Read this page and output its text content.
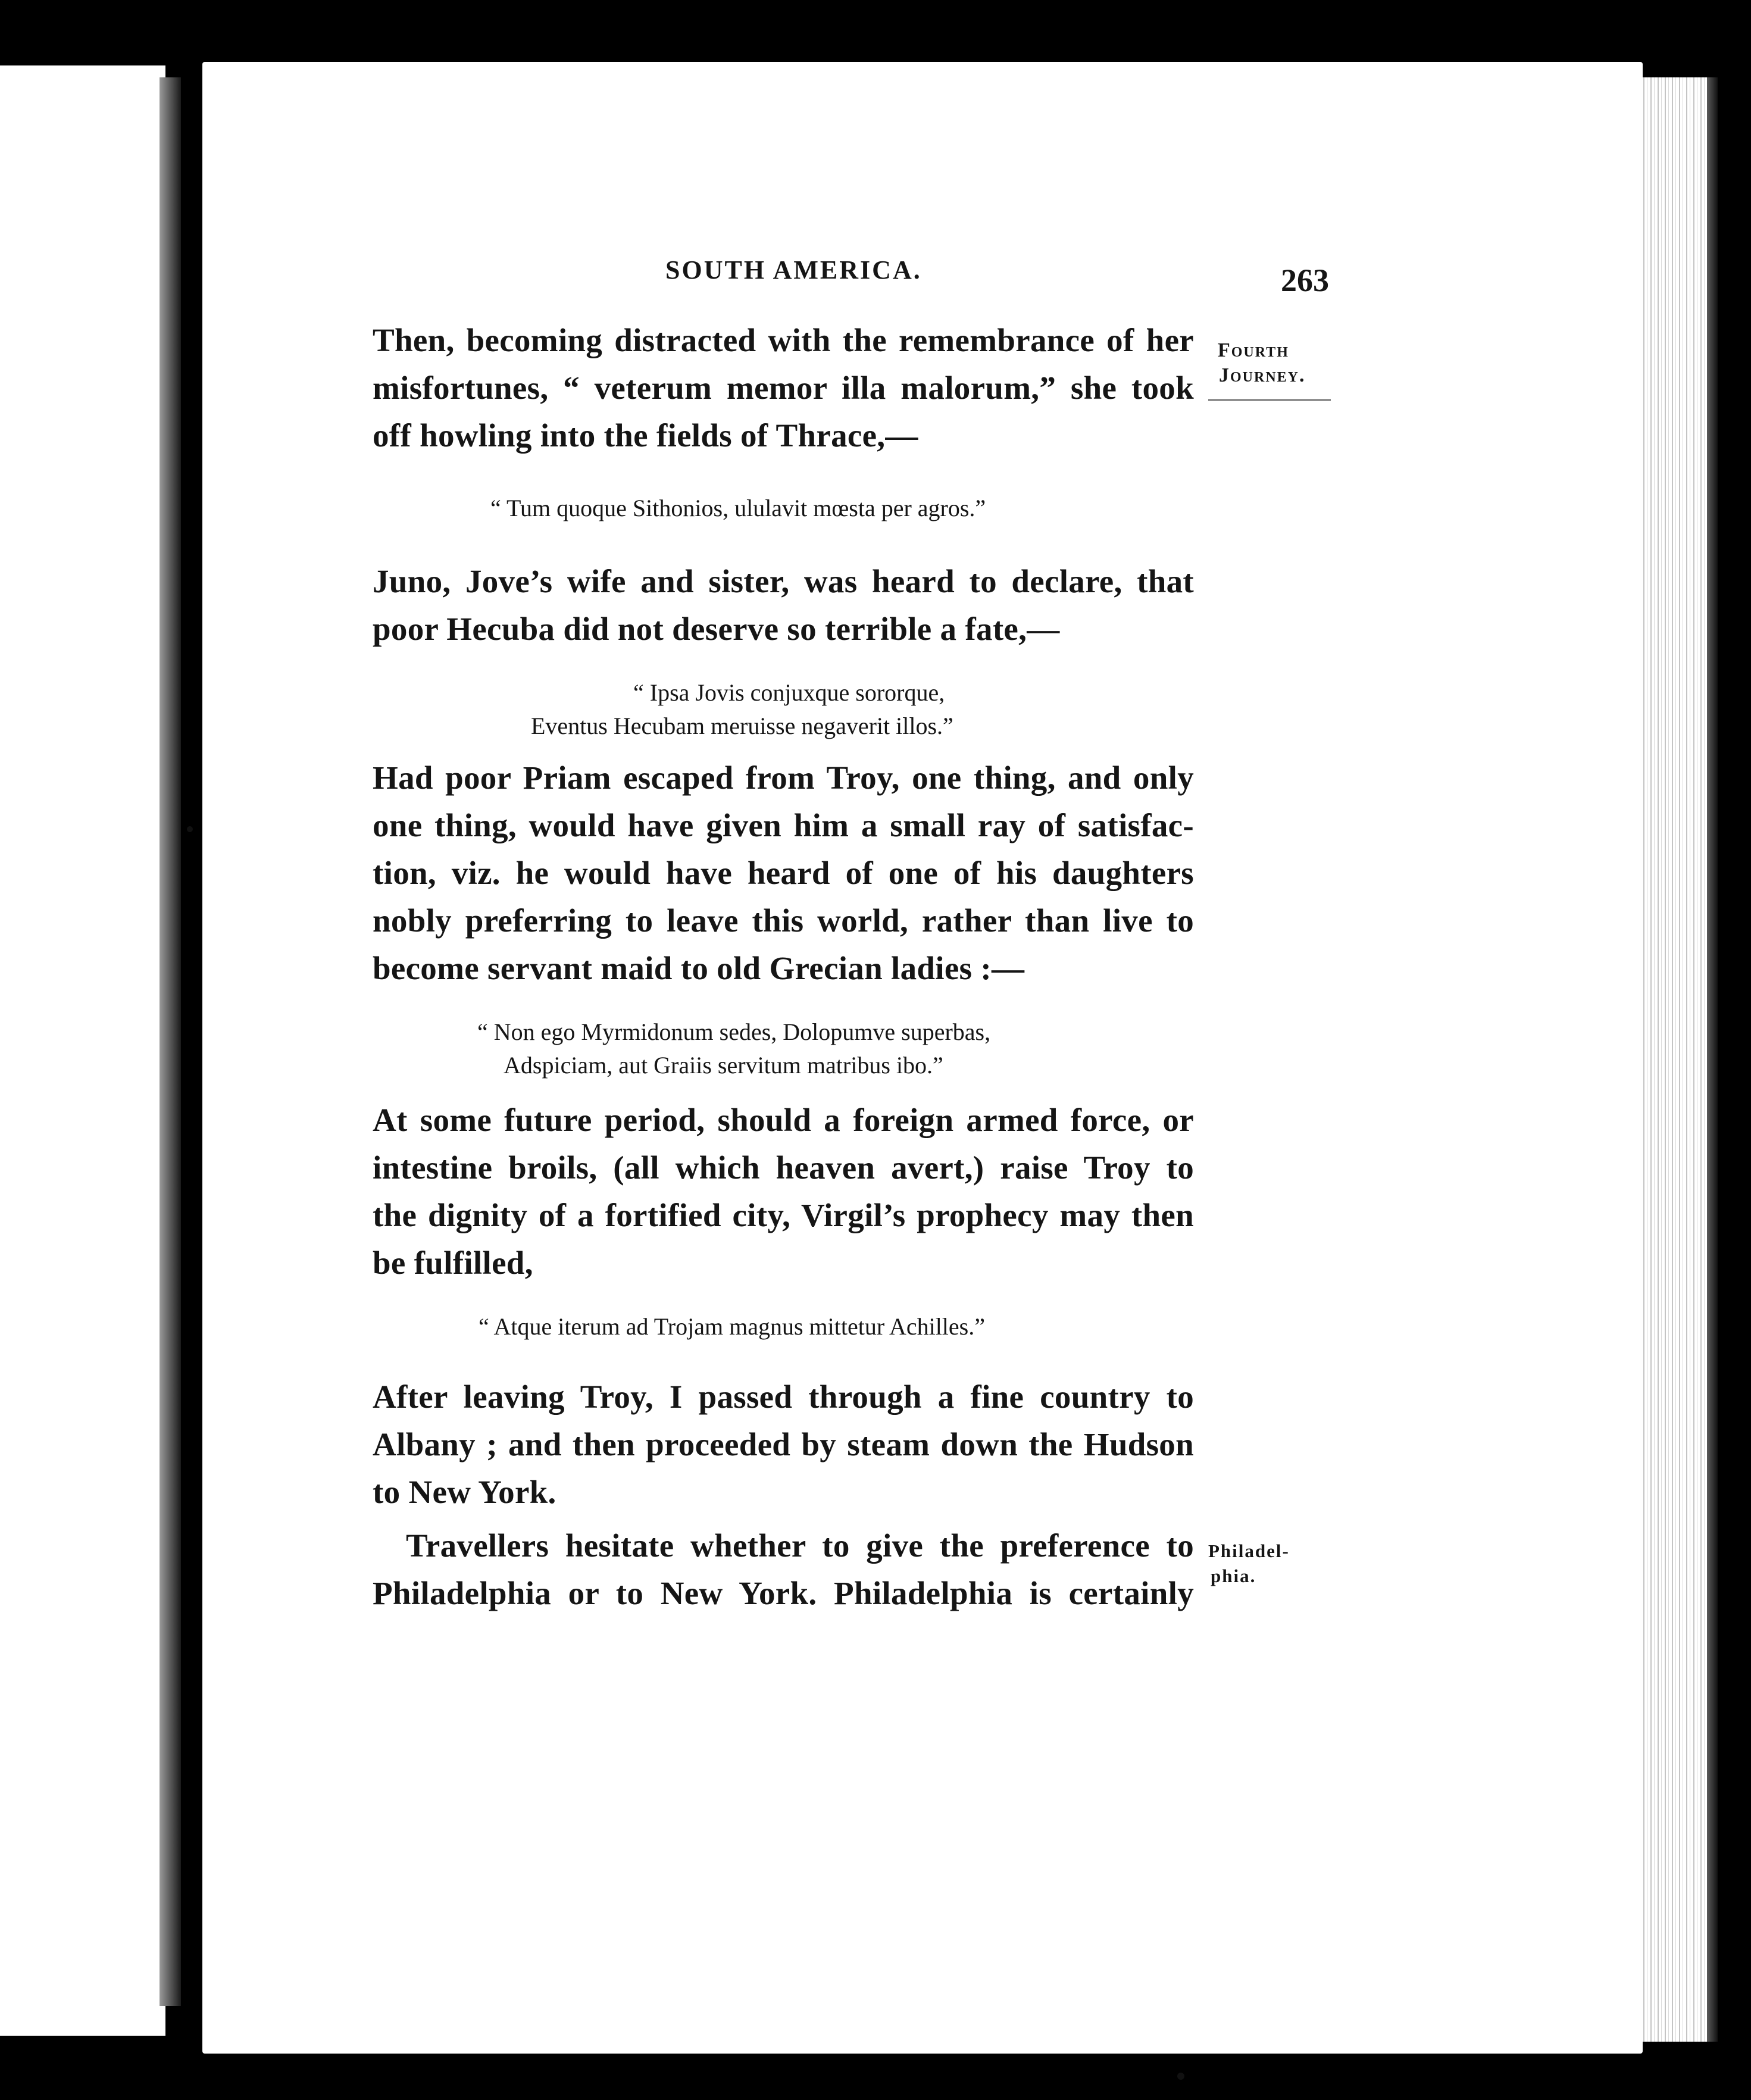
SOUTH AMERICA.	263
Fourth
Journey.
Then, becoming distracted with the remembrance of her
misfortunes, “ veterum memor illa malorum,” she took
off howling into the fields of Thrace,—
“ Tum quoque Sithonios, ululavit mœsta per agros.”
Juno, Jove’s wife and sister, was heard to declare, that
poor Hecuba did not deserve so terrible a fate,—
“ Ipsa Jovis conjuxque sororque,
Eventus Hecubam meruisse negaverit illos.”
Had poor Priam escaped from Troy, one thing, and only
one thing, would have given him a small ray of satisfac-
tion, viz. he would have heard of one of his daughters
nobly preferring to leave this world, rather than live to
become servant maid to old Grecian ladies :—
“ Non ego Myrmidonum sedes, Dolopumve superbas,
Adspiciam, aut Graiis servitum matribus ibo.”
At some future period, should a foreign armed force, or
intestine broils, (all which heaven avert,) raise Troy to
the dignity of a fortified city, Virgil’s prophecy may then
be fulfilled,
“ Atque iterum ad Trojam magnus mittetur Achilles.”
After leaving Troy, I passed through a fine country to
Albany ; and then proceeded by steam down the Hudson
to New York.
Travellers hesitate whether to give the preference to
Philadelphia or to New York. Philadelphia is certainly
Philadel-
phia.
